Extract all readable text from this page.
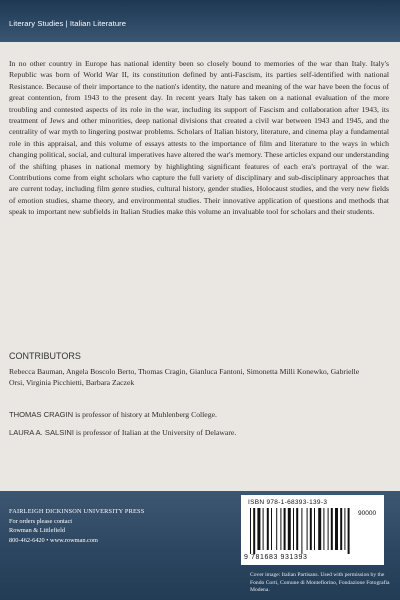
Literary Studies | Italian Literature

In no other country in Europe has national identity been so closely bound to memories of the war than Italy. Italy's Republic was born of World War II, its constitution defined by anti-Fascism, its parties self-identified with national Resistance. Because of their importance to the nation's identity, the nature and meaning of the war have been the focus of great contention, from 1943 to the present day. In recent years Italy has taken on a national evaluation of the more troubling and contested aspects of its role in the war, including its support of Fascism and collaboration after 1943, its treatment of Jews and other minorities, deep national divisions that created a civil war between 1943 and 1945, and the centrality of war myth to lingering postwar problems. Scholars of Italian history, literature, and cinema play a fundamental role in this appraisal, and this volume of essays attests to the importance of film and literature to the ways in which changing political, social, and cultural imperatives have altered the war's memory. These articles expand our understanding of the shifting phases in national memory by highlighting significant features of each era's portrayal of the war. Contributions come from eight scholars who capture the full variety of disciplinary and sub-disciplinary approaches that are current today, including film genre studies, cultural history, gender studies, Holocaust studies, and the very new fields of emotion studies, shame theory, and environmental studies. Their innovative application of questions and methods that speak to important new subfields in Italian Studies make this volume an invaluable tool for scholars and their students.

CONTRIBUTORS

Rebecca Bauman, Angela Boscolo Berto, Thomas Cragin, Gianluca Fantoni, Simonetta Milli Konewko, Gabrielle Orsi, Virginia Picchietti, Barbara Zaczek

THOMAS CRAGIN is professor of history at Muhlenberg College.

LAURA A. SALSINI is professor of Italian at the University of Delaware.

FAIRLEIGH DICKINSON UNIVERSITY PRESS
For orders please contact
Rowman & Littlefield
800-462-6420 • www.rowman.com
ISBN 978-1-68393-139-3
90000
9 781683 931393

Cover image: Italian Partisans. Used with permission by the Fondo Corti, Comune di Montefiorino, Fondazione Fotografia Modena.
